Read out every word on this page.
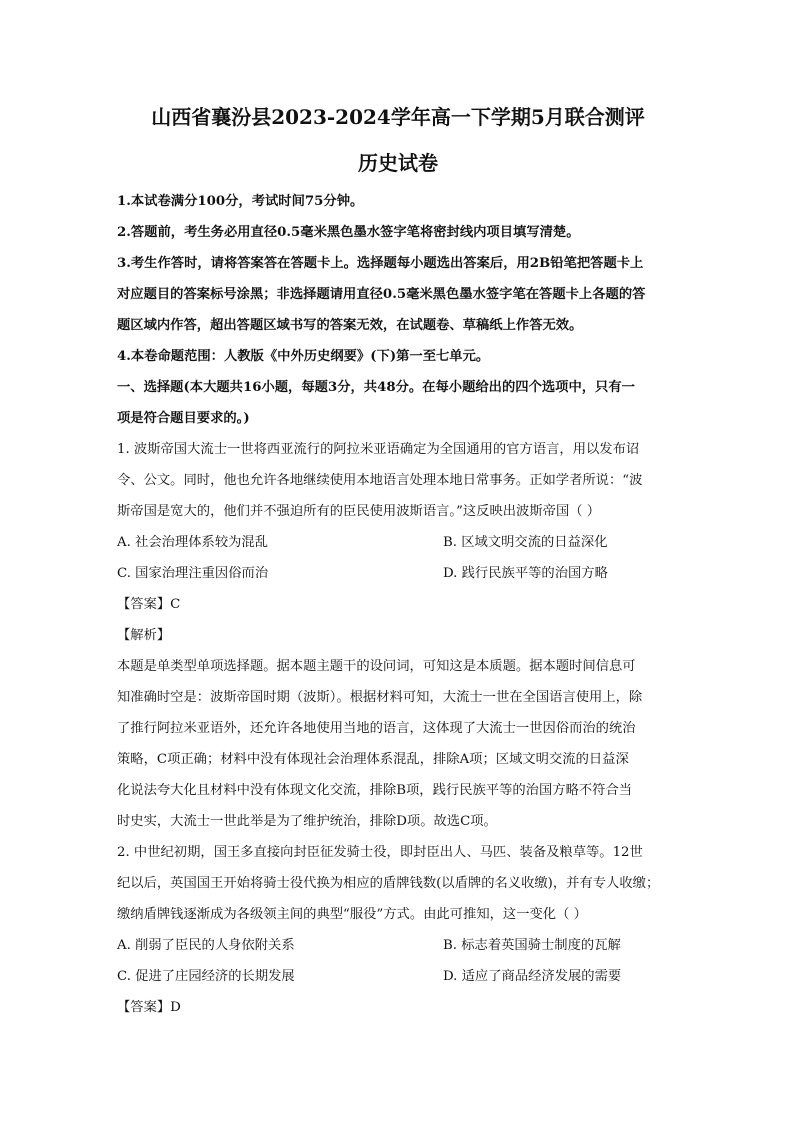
山西省襄汾县2023-2024学年高一下学期5月联合测评
历史试卷

1.本试卷满分100分，考试时间75分钟。

2.答题前，考生务必用直径0.5毫米黑色墨水签字笔将密封线内项目填写清楚。

3.考生作答时，请将答案答在答题卡上。选择题每小题选出答案后，用2B铅笔把答题卡上

对应题目的答案标号涂黑；非选择题请用直径0.5毫米黑色墨水签字笔在答题卡上各题的答

题区域内作答，超出答题区域书写的答案无效，在试题卷、草稿纸上作答无效。

4.本卷命题范围：人教版《中外历史纲要》(下)第一至七单元。

一、选择题(本大题共16小题，每题3分，共48分。在每小题给出的四个选项中，只有一

项是符合题目要求的。)

1. 波斯帝国大流士一世将西亚流行的阿拉米亚语确定为全国通用的官方语言，用以发布诏

令、公文。同时，他也允许各地继续使用本地语言处理本地日常事务。正如学者所说：“波

斯帝国是宽大的，他们并不强迫所有的臣民使用波斯语言。”这反映出波斯帝国（ ）

A. 社会治理体系较为混乱	B. 区域文明交流的日益深化
C. 国家治理注重因俗而治	D. 践行民族平等的治国方略

【答案】C

【解析】

本题是单类型单项选择题。据本题主题干的设问词，可知这是本质题。据本题时间信息可

知准确时空是：波斯帝国时期（波斯）。根据材料可知，大流士一世在全国语言使用上，除

了推行阿拉米亚语外，还允许各地使用当地的语言，这体现了大流士一世因俗而治的统治

策略，C项正确；材料中没有体现社会治理体系混乱，排除A项；区域文明交流的日益深

化说法夸大化且材料中没有体现文化交流，排除B项，践行民族平等的治国方略不符合当

时史实，大流士一世此举是为了维护统治，排除D项。故选C项。

2. 中世纪初期，国王多直接向封臣征发骑士役，即封臣出人、马匹、装备及粮草等。12世

纪以后，英国国王开始将骑士役代换为相应的盾牌钱数(以盾牌的名义收缴)，并有专人收缴；

缴纳盾牌钱逐渐成为各级领主间的典型“服役”方式。由此可推知，这一变化（ ）

A. 削弱了臣民的人身依附关系	B. 标志着英国骑士制度的瓦解
C. 促进了庄园经济的长期发展	D. 适应了商品经济发展的需要

【答案】D
